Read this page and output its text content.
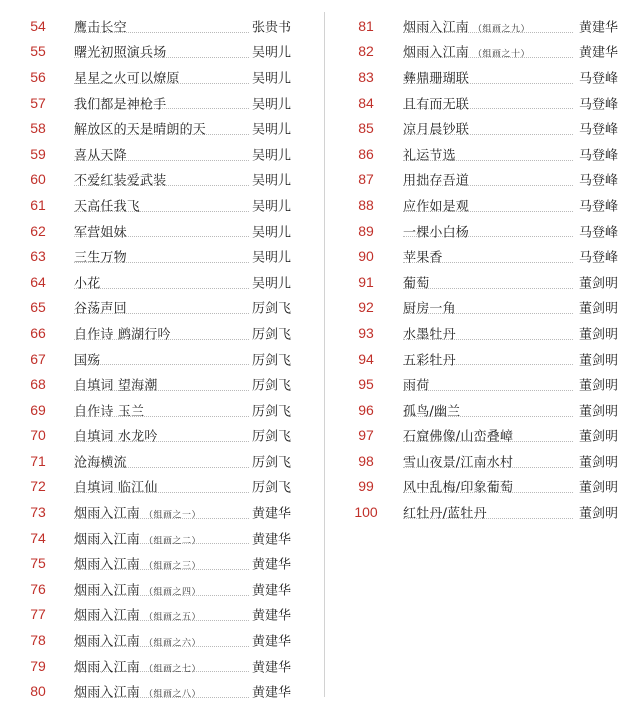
54	鹰击长空	张贵书
55	曙光初照演兵场	吴明儿
56	星星之火可以燎原	吴明儿
57	我们都是神枪手	吴明儿
58	解放区的天是晴朗的天	吴明儿
59	喜从天降	吴明儿
60	不爱红装爱武装	吴明儿
61	天高任我飞	吴明儿
62	军营姐妹	吴明儿
63	三生万物	吴明儿
64	小花	吴明儿
65	谷荡声回	厉剑飞
66	自作诗 鹧湖行吟	厉剑飞
67	国殇	厉剑飞
68	自填词 望海潮	厉剑飞
69	自作诗 玉兰	厉剑飞
70	自填词 水龙吟	厉剑飞
71	沧海横流	厉剑飞
72	自填词 临江仙	厉剑飞
73	烟雨入江南 （组画之一）	黄建华
74	烟雨入江南 （组画之二）	黄建华
75	烟雨入江南 （组画之三）	黄建华
76	烟雨入江南 （组画之四）	黄建华
77	烟雨入江南 （组画之五）	黄建华
78	烟雨入江南 （组画之六）	黄建华
79	烟雨入江南 （组画之七）	黄建华
80	烟雨入江南 （组画之八）	黄建华
81	烟雨入江南 （组画之九）	黄建华
82	烟雨入江南 （组画之十）	黄建华
83	彝鼎珊瑚联	马登峰
84	且有而无联	马登峰
85	凉月晨钞联	马登峰
86	礼运节选	马登峰
87	用拙存吾道	马登峰
88	应作如是观	马登峰
89	一棵小白杨	马登峰
90	苹果香	马登峰
91	葡萄	董剑明
92	厨房一角	董剑明
93	水墨牡丹	董剑明
94	五彩牡丹	董剑明
95	雨荷	董剑明
96	孤鸟/幽兰	董剑明
97	石窟佛像/山峦叠嶂	董剑明
98	雪山夜景/江南水村	董剑明
99	风中乱梅/印象葡萄	董剑明
100	红牡丹/蓝牡丹	董剑明
